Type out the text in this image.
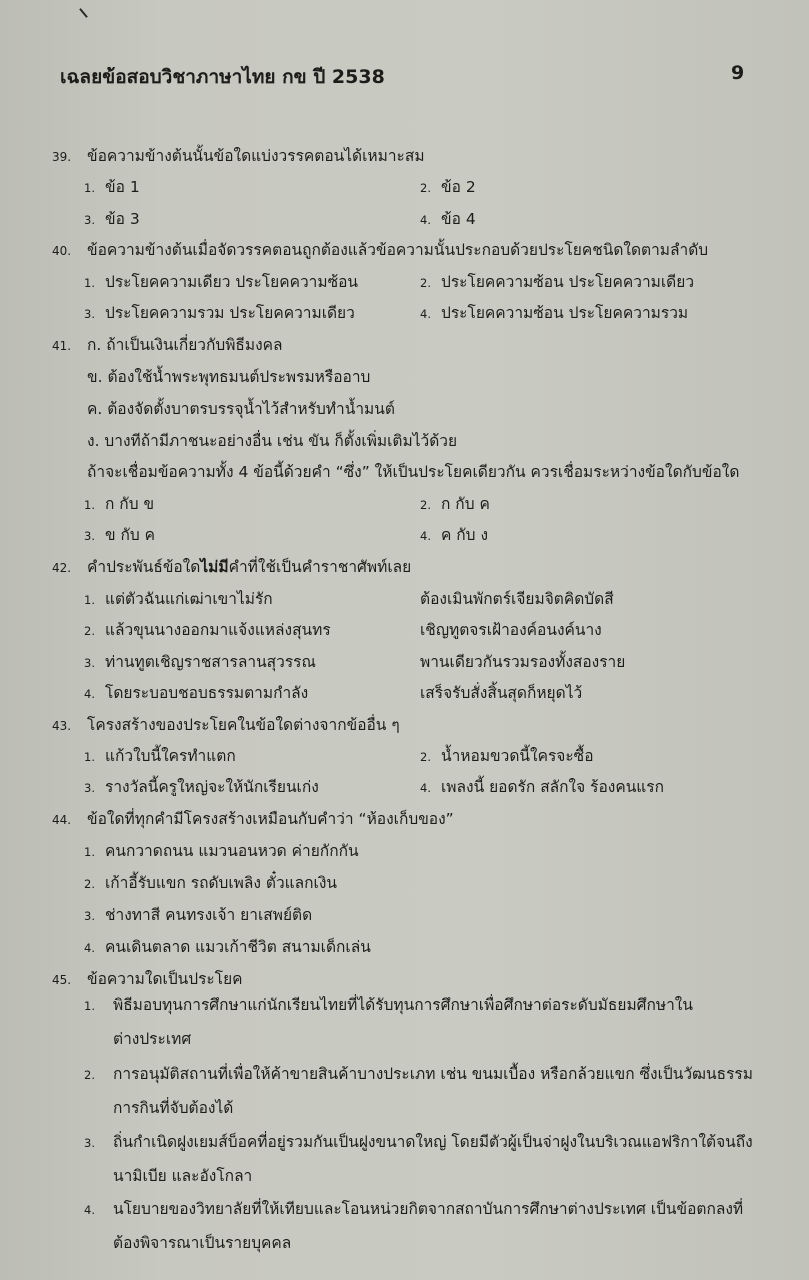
เฉลยข้อสอบวิชาภาษาไทย กข ปี 2538	9
39. ข้อความข้างต้นนั้นข้อใดแบ่งวรรคตอนได้เหมาะสม
1. ข้อ 1	2. ข้อ 2
3. ข้อ 3	4. ข้อ 4
40. ข้อความข้างต้นเมื่อจัดวรรคตอนถูกต้องแล้วข้อความนั้นประกอบด้วยประโยคชนิดใดตามลำดับ
1. ประโยคความเดียว ประโยคความซ้อน	2. ประโยคความซ้อน ประโยคความเดียว
3. ประโยคความรวม ประโยคความเดียว	4. ประโยคความซ้อน ประโยคความรวม
41. ก. ถ้าเป็นเงินเกี่ยวกับพิธีมงคล
ข. ต้องใช้น้ำพระพุทธมนต์ประพรมหรืออาบ
ค. ต้องจัดตั้งบาตรบรรจุน้ำไว้สำหรับทำน้ำมนต์
ง. บางทีถ้ามีภาชนะอย่างอื่น เช่น ขัน ก็ตั้งเพิ่มเติมไว้ด้วย
ถ้าจะเชื่อมข้อความทั้ง 4 ข้อนี้ด้วยคำ “ซึ่ง” ให้เป็นประโยคเดียวกัน ควรเชื่อมระหว่างข้อใดกับข้อใด
1. ก กับ ข	2. ก กับ ค
3. ข กับ ค	4. ค กับ ง
42. คำประพันธ์ข้อใดไม่มีคำที่ใช้เป็นคำราชาศัพท์เลย
1. แต่ตัวฉันแก่เฒ่าเขาไม่รัก	ต้องเมินพักตร์เจียมจิตคิดบัดสี
2. แล้วขุนนางออกมาแจ้งแหล่งสุนทร	เชิญทูตจรเฝ้าองค์อนงค์นาง
3. ท่านทูตเชิญราชสารลานสุวรรณ	พานเดียวกันรวมรองทั้งสองราย
4. โดยระบอบชอบธรรมตามกำลัง	เสร็จรับสั่งสิ้นสุดก็หยุดไว้
43. โครงสร้างของประโยคในข้อใดต่างจากข้ออื่น ๆ
1. แก้วใบนี้ใครทำแตก	2. น้ำหอมขวดนี้ใครจะซื้อ
3. รางวัลนี้ครูใหญ่จะให้นักเรียนเก่ง	4. เพลงนี้ ยอดรัก สลักใจ ร้องคนแรก
44. ข้อใดที่ทุกคำมีโครงสร้างเหมือนกับคำว่า “ห้องเก็บของ”
1. คนกวาดถนน แมวนอนหวด ค่ายกักกัน
2. เก้าอี้รับแขก รถดับเพลิง ตั๋วแลกเงิน
3. ช่างทาสี คนทรงเจ้า ยาเสพย์ติด
4. คนเดินตลาด แมวเก้าชีวิต สนามเด็กเล่น
45. ข้อความใดเป็นประโยค
1. พิธีมอบทุนการศึกษาแก่นักเรียนไทยที่ได้รับทุนการศึกษาเพื่อศึกษาต่อระดับมัธยมศึกษาใน
ต่างประเทศ
2. การอนุมัติสถานที่เพื่อให้ค้าขายสินค้าบางประเภท เช่น ขนมเบื้อง หรือกล้วยแขก ซึ่งเป็นวัฒนธรรม
การกินที่จับต้องได้
3. ถิ่นกำเนิดฝูงเยมส์บ็อคที่อยู่รวมกันเป็นฝูงขนาดใหญ่ โดยมีตัวผู้เป็นจ่าฝูงในบริเวณแอฟริกาใต้จนถึง
นามิเบีย และอังโกลา
4. นโยบายของวิทยาลัยที่ให้เทียบและโอนหน่วยกิตจากสถาบันการศึกษาต่างประเทศ เป็นข้อตกลงที่
ต้องพิจารณาเป็นรายบุคคล
